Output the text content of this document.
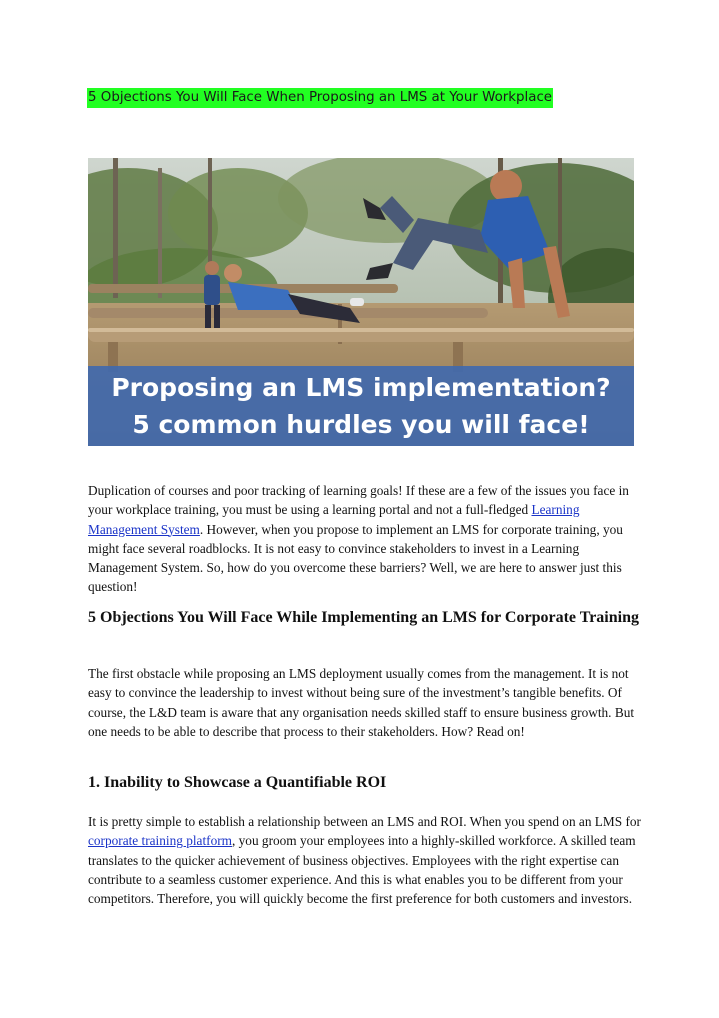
5 Objections You Will Face When Proposing an LMS at Your Workplace
Proposing an LMS implementation?
5 common hurdles you will face!

Duplication of courses and poor tracking of learning goals! If these are a few of the issues you face in your workplace training, you must be using a learning portal and not a full-fledged Learning Management System. However, when you propose to implement an LMS for corporate training, you might face several roadblocks. It is not easy to convince stakeholders to invest in a Learning Management System. So, how do you overcome these barriers? Well, we are here to answer just this question!

5 Objections You Will Face While Implementing an LMS for Corporate Training

The first obstacle while proposing an LMS deployment usually comes from the management. It is not easy to convince the leadership to invest without being sure of the investment’s tangible benefits. Of course, the L&D team is aware that any organisation needs skilled staff to ensure business growth. But one needs to be able to describe that process to their stakeholders. How? Read on!

1. Inability to Showcase a Quantifiable ROI

It is pretty simple to establish a relationship between an LMS and ROI. When you spend on an LMS for corporate training platform, you groom your employees into a highly-skilled workforce. A skilled team translates to the quicker achievement of business objectives. Employees with the right expertise can contribute to a seamless customer experience. And this is what enables you to be different from your competitors. Therefore, you will quickly become the first preference for both customers and investors.
